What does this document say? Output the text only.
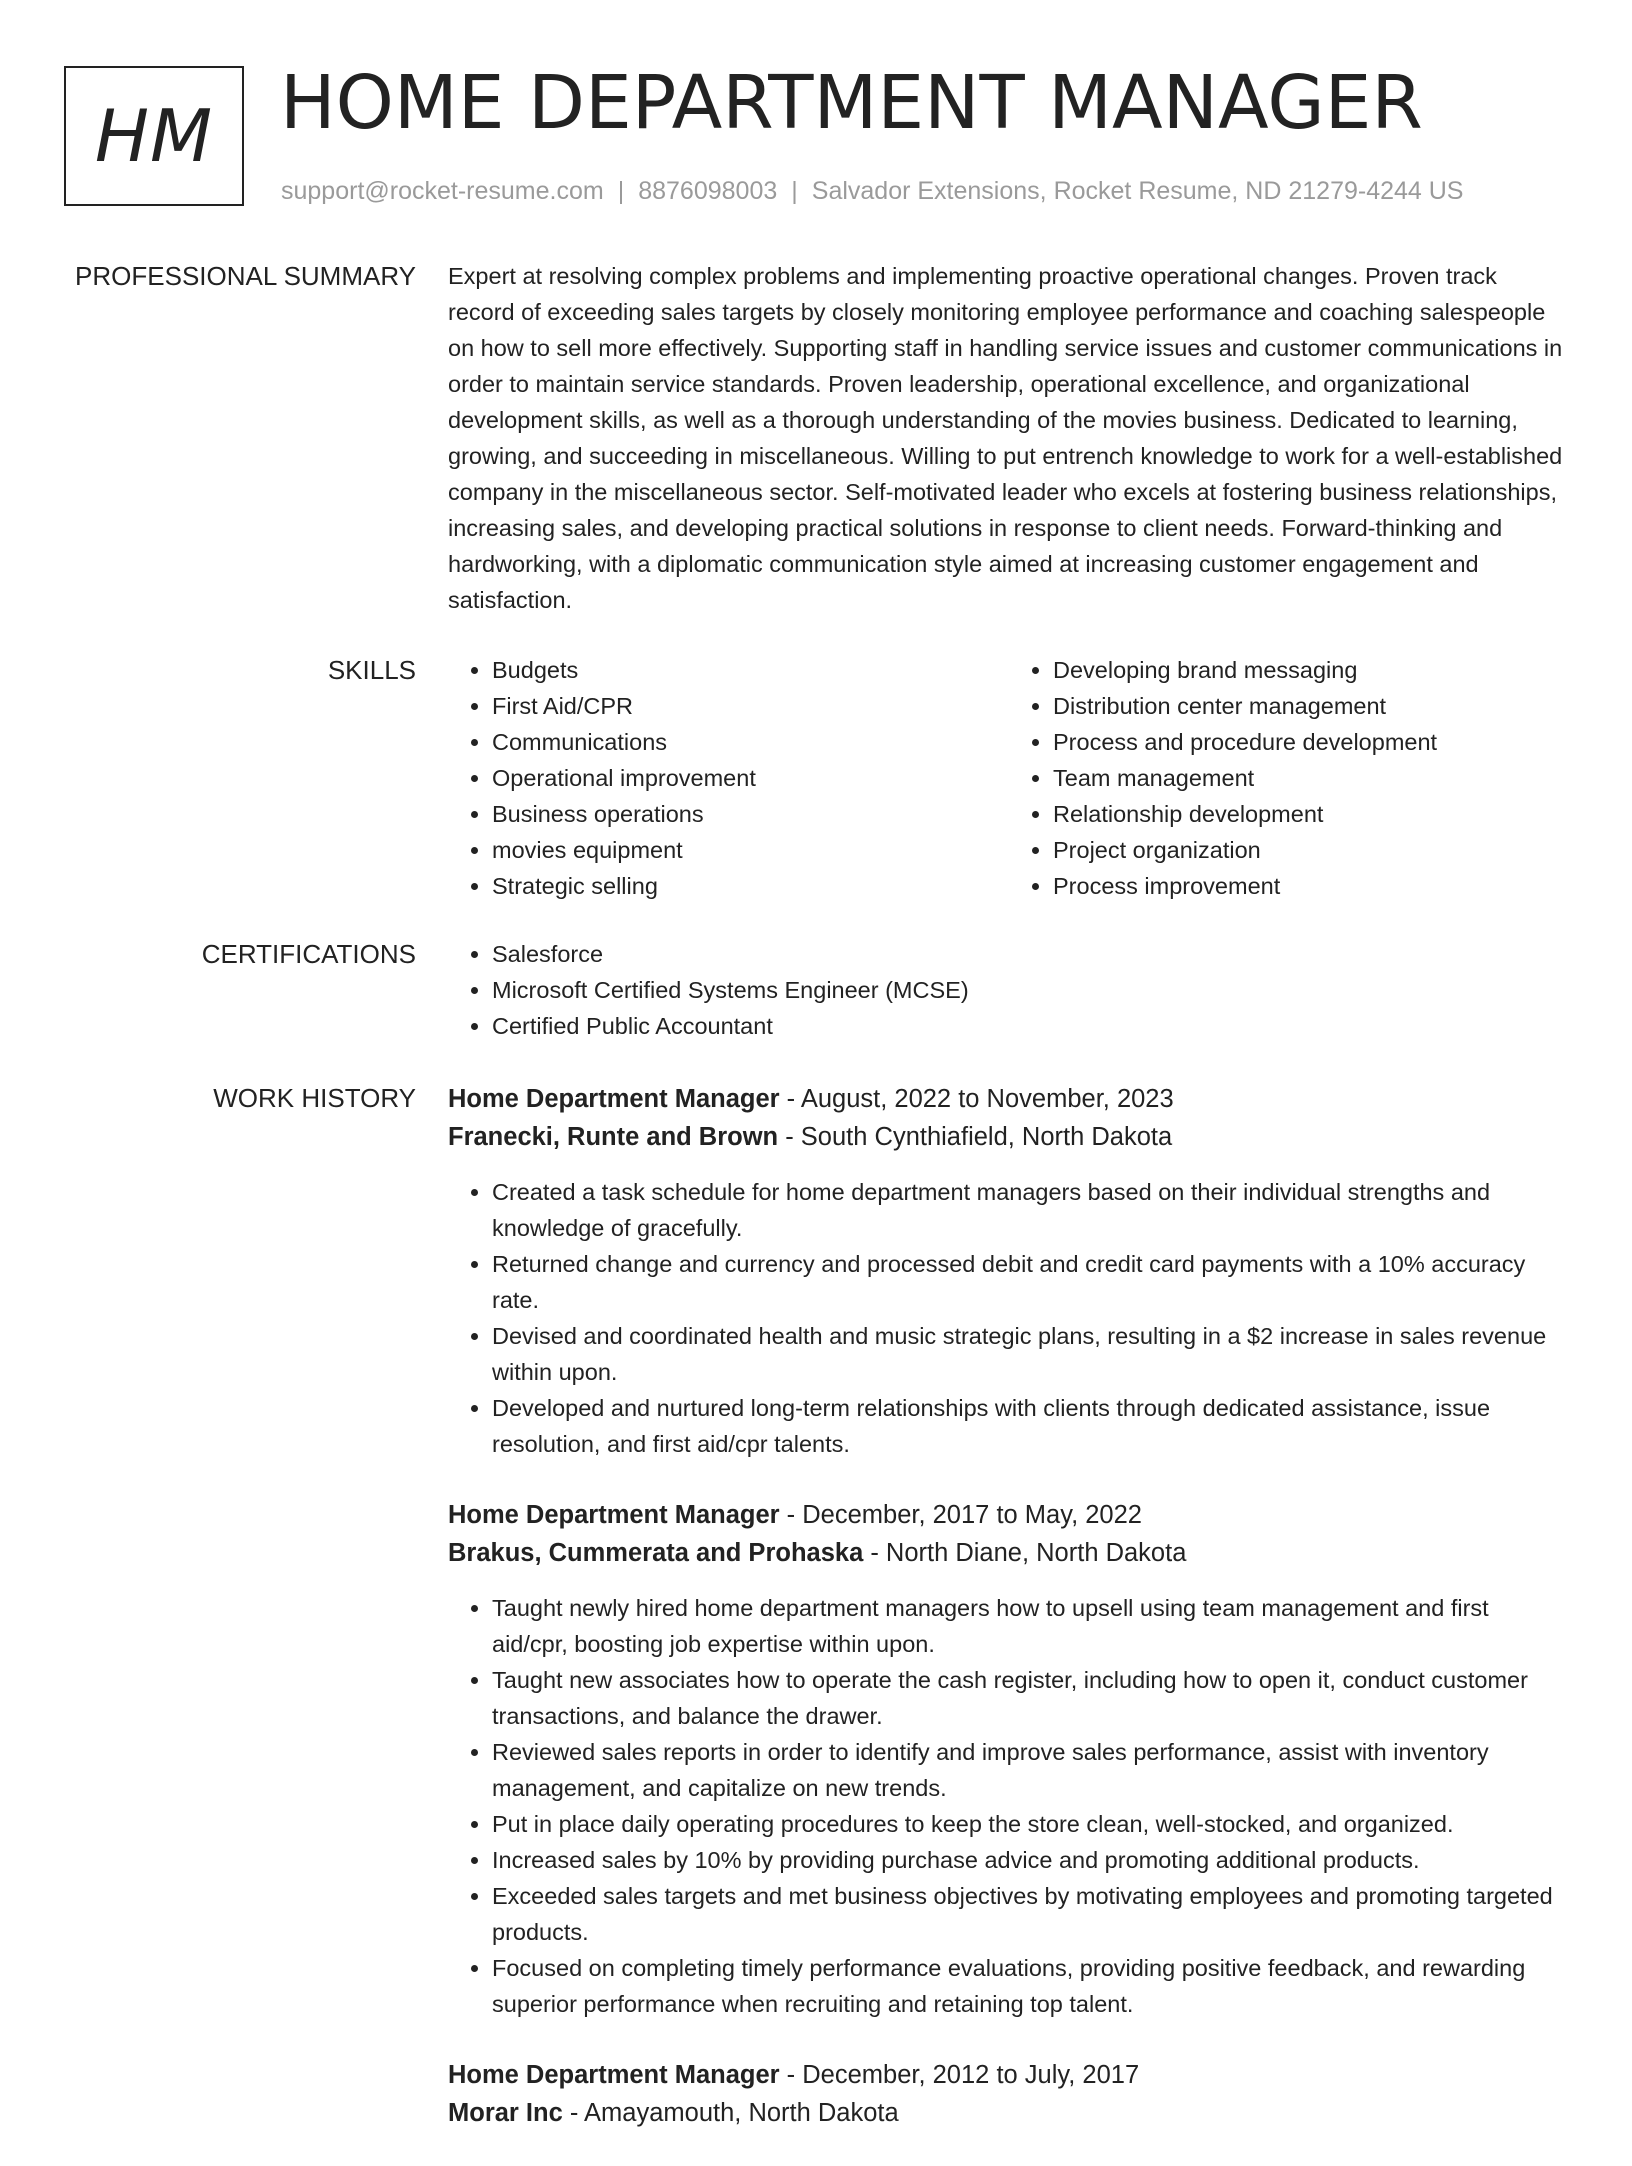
HM HOME DEPARTMENT MANAGER
support@rocket-resume.com | 8876098003 | Salvador Extensions, Rocket Resume, ND 21279-4244 US
PROFESSIONAL SUMMARY Expert at resolving complex problems and implementing proactive operational changes. Proven track record of exceeding sales targets by closely monitoring employee performance and coaching salespeople on how to sell more effectively. Supporting staff in handling service issues and customer communications in order to maintain service standards. Proven leadership, operational excellence, and organizational development skills, as well as a thorough understanding of the movies business. Dedicated to learning, growing, and succeeding in miscellaneous. Willing to put entrench knowledge to work for a well-established company in the miscellaneous sector. Self-motivated leader who excels at fostering business relationships, increasing sales, and developing practical solutions in response to client needs. Forward-thinking and hardworking, with a diplomatic communication style aimed at increasing customer engagement and satisfaction.

SKILLS	• Budgets
• First Aid/CPR
• Communications
• Operational improvement
• Business operations
• movies equipment
• Strategic selling
• Developing brand messaging
• Distribution center management
• Process and procedure development
• Team management
• Relationship development
• Project organization
• Process improvement
CERTIFICATIONS	• Salesforce
• Microsoft Certified Systems Engineer (MCSE)
• Certified Public Accountant
WORK HISTORY Home Department Manager - August, 2022 to November, 2023
Franecki, Runte and Brown - South Cynthiafield, North Dakota
• Created a task schedule for home department managers based on their individual strengths and knowledge of gracefully.
• Returned change and currency and processed debit and credit card payments with a 10% accuracy rate.
• Devised and coordinated health and music strategic plans, resulting in a $2 increase in sales revenue within upon.
• Developed and nurtured long-term relationships with clients through dedicated assistance, issue resolution, and first aid/cpr talents.
Home Department Manager - December, 2017 to May, 2022
Brakus, Cummerata and Prohaska - North Diane, North Dakota
• Taught newly hired home department managers how to upsell using team management and first aid/cpr, boosting job expertise within upon.
• Taught new associates how to operate the cash register, including how to open it, conduct customer transactions, and balance the drawer.
• Reviewed sales reports in order to identify and improve sales performance, assist with inventory management, and capitalize on new trends.
• Put in place daily operating procedures to keep the store clean, well-stocked, and organized.
• Increased sales by 10% by providing purchase advice and promoting additional products.
• Exceeded sales targets and met business objectives by motivating employees and promoting targeted products.
• Focused on completing timely performance evaluations, providing positive feedback, and rewarding superior performance when recruiting and retaining top talent.
Home Department Manager - December, 2012 to July, 2017
Morar Inc - Amayamouth, North Dakota
